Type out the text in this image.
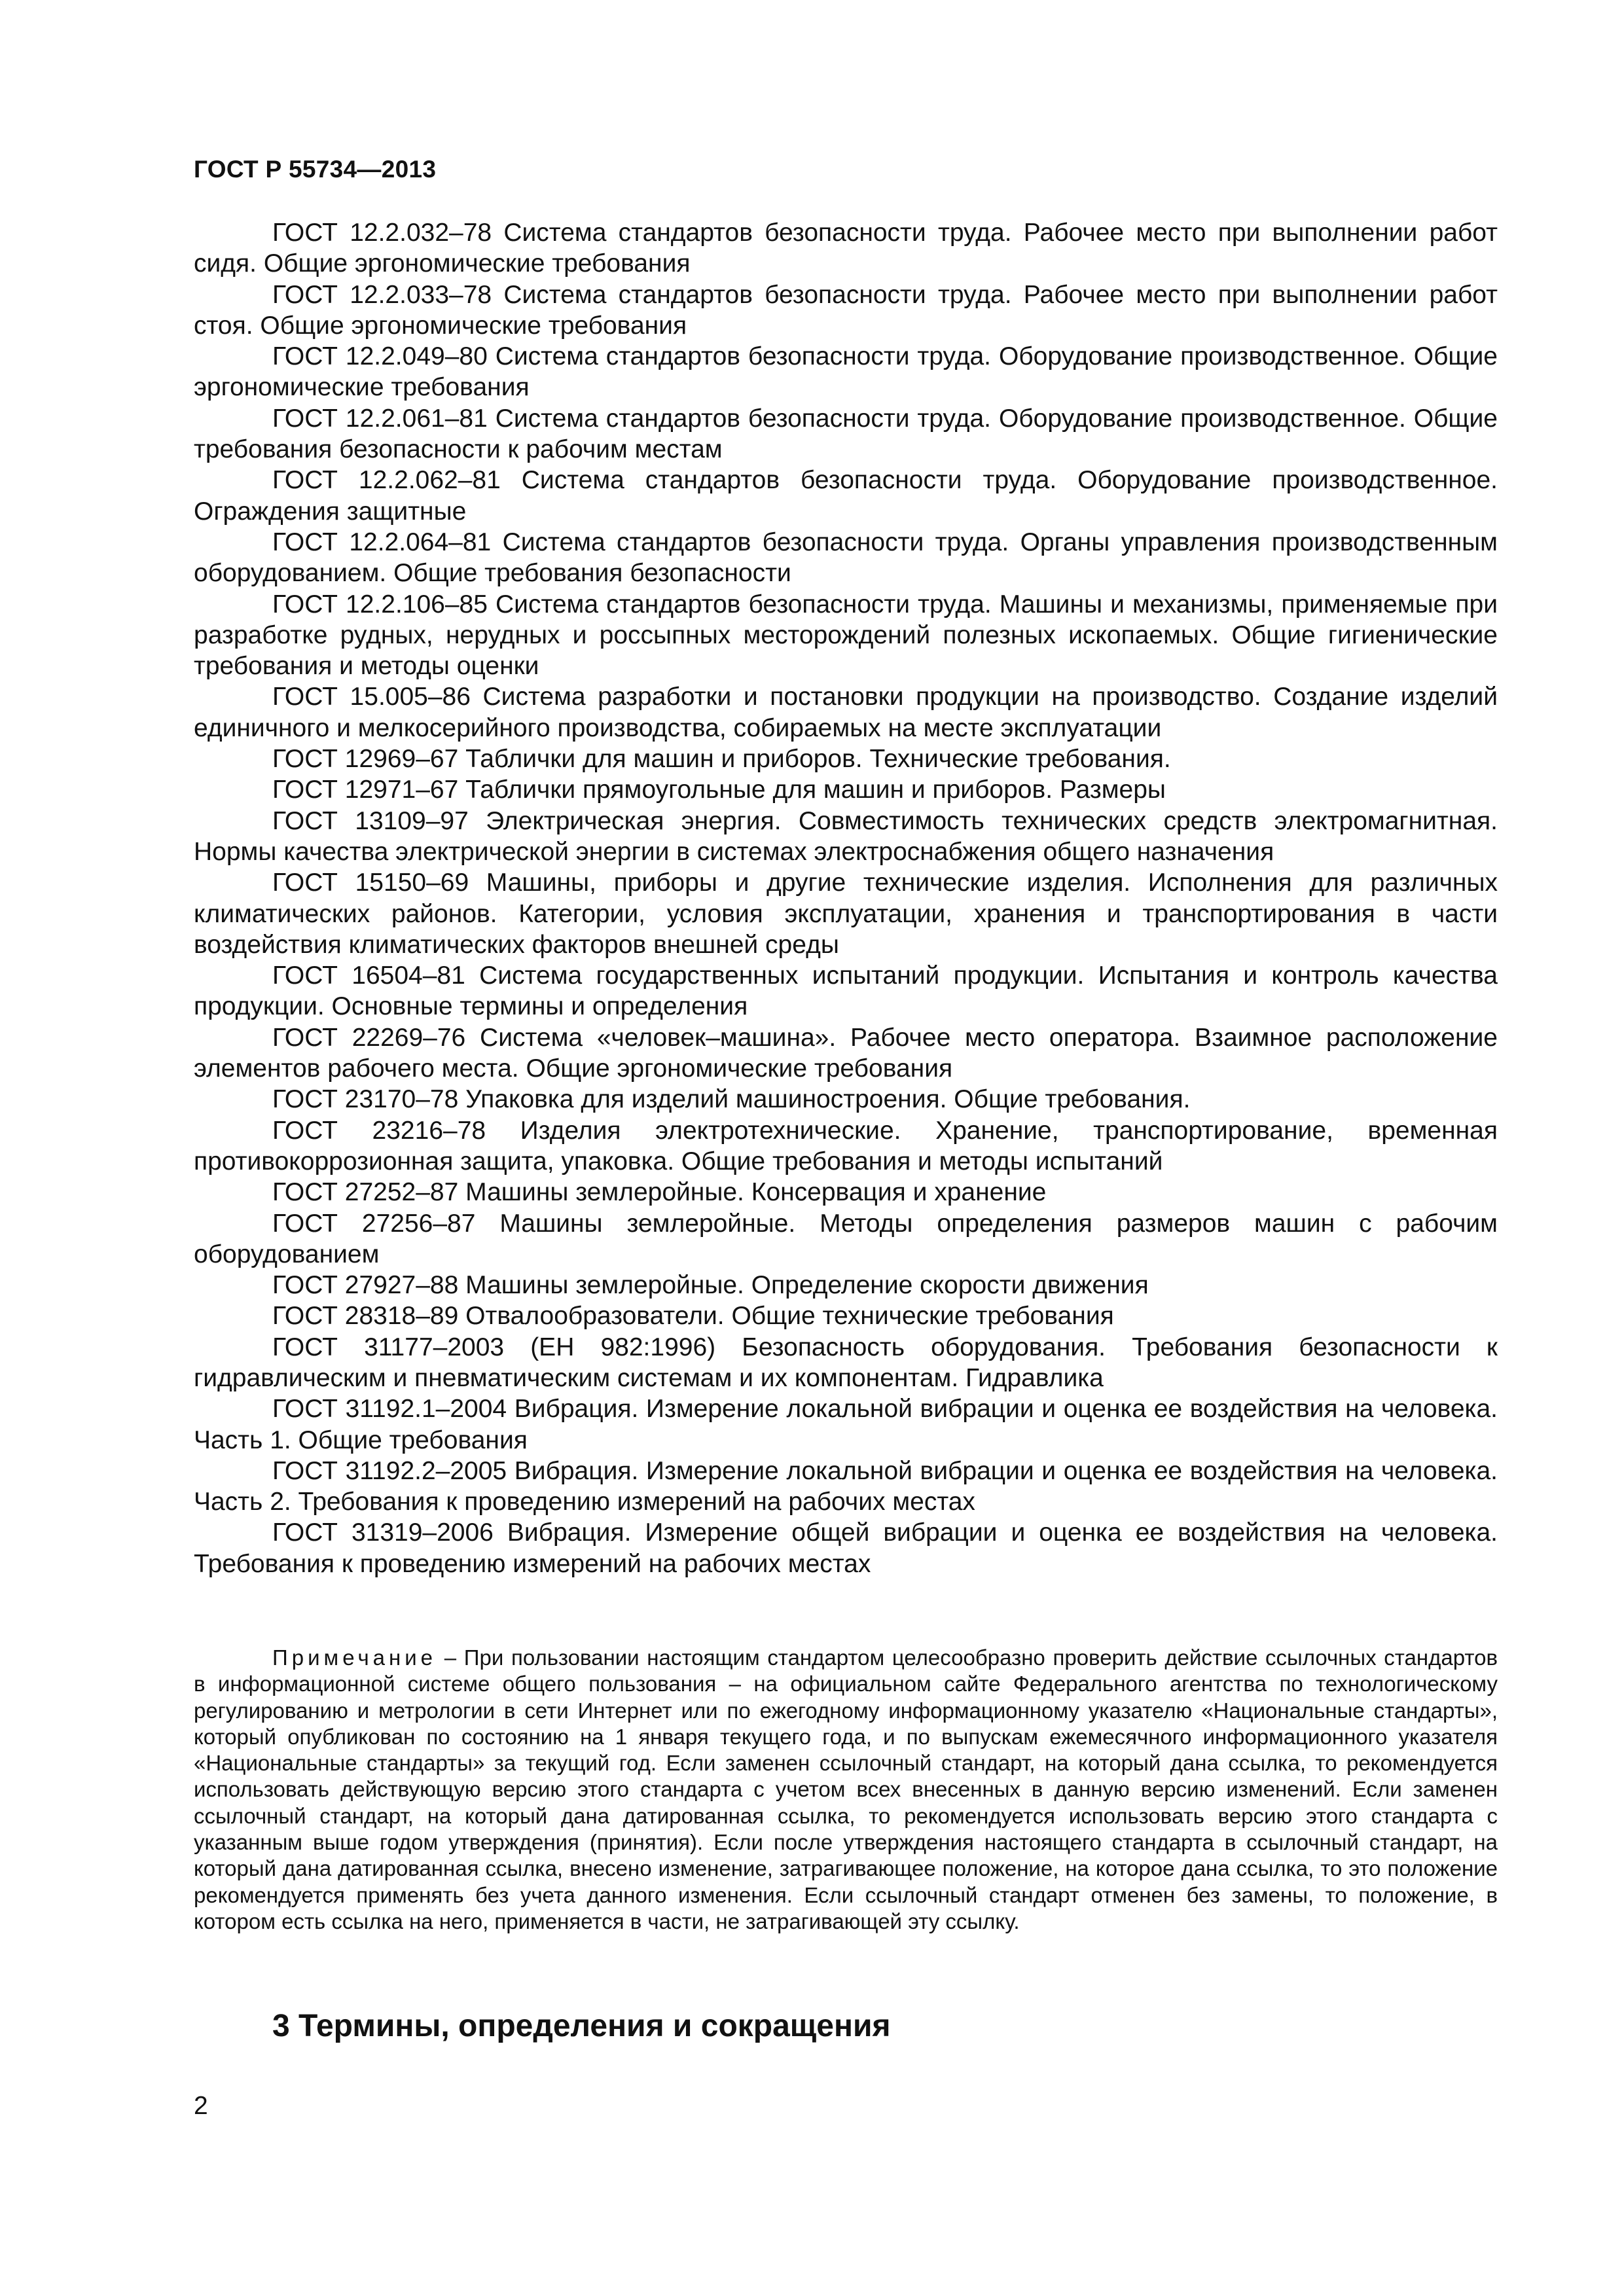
ГОСТ Р 55734—2013

ГОСТ 12.2.032–78 Система стандартов безопасности труда. Рабочее место при выполнении работ сидя. Общие эргономические требования

ГОСТ 12.2.033–78 Система стандартов безопасности труда. Рабочее место при выполнении работ стоя. Общие эргономические требования

ГОСТ 12.2.049–80 Система стандартов безопасности труда. Оборудование производственное. Общие эргономические требования

ГОСТ 12.2.061–81 Система стандартов безопасности труда. Оборудование производственное. Общие требования безопасности к рабочим местам

ГОСТ 12.2.062–81 Система стандартов безопасности труда. Оборудование производственное. Ограждения защитные

ГОСТ 12.2.064–81 Система стандартов безопасности труда. Органы управления производственным оборудованием. Общие требования безопасности

ГОСТ 12.2.106–85 Система стандартов безопасности труда. Машины и механизмы, применяемые при разработке рудных, нерудных и россыпных месторождений полезных ископаемых. Общие гигиенические требования и методы оценки

ГОСТ 15.005–86 Система разработки и постановки продукции на производство. Создание изделий единичного и мелкосерийного производства, собираемых на месте эксплуатации

ГОСТ 12969–67 Таблички для машин и приборов. Технические требования.

ГОСТ 12971–67 Таблички прямоугольные для машин и приборов. Размеры

ГОСТ 13109–97 Электрическая энергия. Совместимость технических средств электромагнитная. Нормы качества электрической энергии в системах электроснабжения общего назначения

ГОСТ 15150–69 Машины, приборы и другие технические изделия. Исполнения для различных климатических районов. Категории, условия эксплуатации, хранения и транспортирования в части воздействия климатических факторов внешней среды

ГОСТ 16504–81 Система государственных испытаний продукции. Испытания и контроль качества продукции. Основные термины и определения

ГОСТ 22269–76 Система «человек–машина». Рабочее место оператора. Взаимное расположение элементов рабочего места. Общие эргономические требования

ГОСТ 23170–78 Упаковка для изделий машиностроения. Общие требования.

ГОСТ 23216–78 Изделия электротехнические. Хранение, транспортирование, временная противокоррозионная защита, упаковка. Общие требования и методы испытаний

ГОСТ 27252–87 Машины землеройные. Консервация и хранение

ГОСТ 27256–87 Машины землеройные. Методы определения размеров машин с рабочим оборудованием

ГОСТ 27927–88 Машины землеройные. Определение скорости движения

ГОСТ 28318–89 Отвалообразователи. Общие технические требования

ГОСТ 31177–2003 (ЕН 982:1996) Безопасность оборудования. Требования безопасности к гидравлическим и пневматическим системам и их компонентам. Гидравлика

ГОСТ 31192.1–2004 Вибрация. Измерение локальной вибрации и оценка ее воздействия на человека. Часть 1. Общие требования

ГОСТ 31192.2–2005 Вибрация. Измерение локальной вибрации и оценка ее воздействия на человека. Часть 2. Требования к проведению измерений на рабочих местах

ГОСТ 31319–2006 Вибрация. Измерение общей вибрации и оценка ее воздействия на человека. Требования к проведению измерений на рабочих местах

Примечание – При пользовании настоящим стандартом целесообразно проверить действие ссылочных стандартов в информационной системе общего пользования – на официальном сайте Федерального агентства по технологическому регулированию и метрологии в сети Интернет или по ежегодному информационному указателю «Национальные стандарты», который опубликован по состоянию на 1 января текущего года, и по выпускам ежемесячного информационного указателя «Национальные стандарты» за текущий год. Если заменен ссылочный стандарт, на который дана ссылка, то рекомендуется использовать действующую версию этого стандарта с учетом всех внесенных в данную версию изменений. Если заменен ссылочный стандарт, на который дана датированная ссылка, то рекомендуется использовать версию этого стандарта с указанным выше годом утверждения (принятия). Если после утверждения настоящего стандарта в ссылочный стандарт, на который дана датированная ссылка, внесено изменение, затрагивающее положение, на которое дана ссылка, то это положение рекомендуется применять без учета данного изменения. Если ссылочный стандарт отменен без замены, то положение, в котором есть ссылка на него, применяется в части, не затрагивающей эту ссылку.

3 Термины, определения и сокращения
2
